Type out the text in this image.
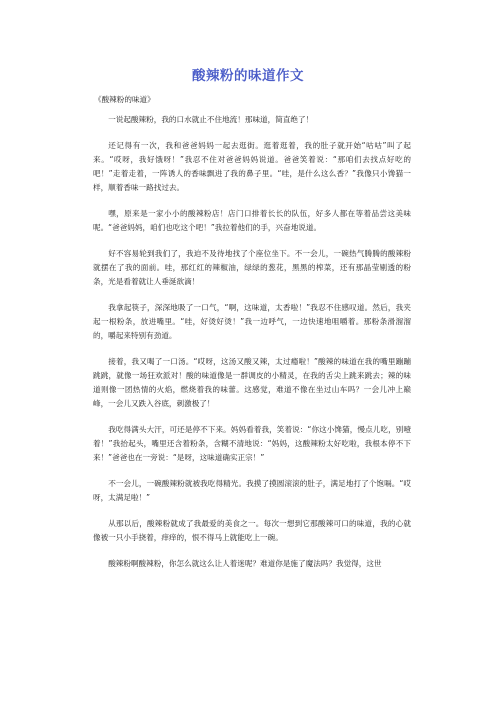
酸辣粉的味道作文
《酸辣粉的味道》

一说起酸辣粉，我的口水就止不住地流！那味道，简直绝了！

还记得有一次，我和爸爸妈妈一起去逛街。逛着逛着，我的肚子就开始“咕咕”叫了起来。“哎呀，我好饿呀！”我忍不住对爸爸妈妈说道。爸爸笑着说：“那咱们去找点好吃的吧！”走着走着，一阵诱人的香味飘进了我的鼻子里。“哇，是什么这么香？”我像只小馋猫一样，顺着香味一路找过去。

嘿，原来是一家小小的酸辣粉店！店门口排着长长的队伍，好多人都在等着品尝这美味呢。“爸爸妈妈，咱们也吃这个吧！”我拉着他们的手，兴奋地说道。

好不容易轮到我们了，我迫不及待地找了个座位坐下。不一会儿，一碗热气腾腾的酸辣粉就摆在了我的面前。哇，那红红的辣椒油，绿绿的葱花，黑黑的榨菜，还有那晶莹剔透的粉条，光是看着就让人垂涎欲滴！

我拿起筷子，深深地吸了一口气，“啊，这味道，太香啦！”我忍不住感叹道。然后，我夹起一根粉条，放进嘴里。“哇，好烫好烫！”我一边呼气，一边快速地咀嚼着。那粉条滑溜溜的，嚼起来特别有劲道。

接着，我又喝了一口汤。“哎呀，这汤又酸又辣，太过瘾啦！”酸辣的味道在我的嘴里蹦蹦跳跳，就像一场狂欢派对！酸的味道像是一群调皮的小精灵，在我的舌尖上跳来跳去；辣的味道则像一团热情的火焰，燃烧着我的味蕾。这感觉，难道不像在坐过山车吗？一会儿冲上巅峰，一会儿又跌入谷底，刺激极了！

我吃得满头大汗，可还是停不下来。妈妈看着我，笑着说：“你这小馋猫，慢点儿吃，别噎着！”我抬起头，嘴里还含着粉条，含糊不清地说：“妈妈，这酸辣粉太好吃啦，我根本停不下来！”爸爸也在一旁说：“是呀，这味道确实正宗！”

不一会儿，一碗酸辣粉就被我吃得精光。我摸了摸圆滚滚的肚子，满足地打了个饱嗝。“哎呀，太满足啦！”

从那以后，酸辣粉就成了我最爱的美食之一。每次一想到它那酸辣可口的味道，我的心就像被一只小手挠着，痒痒的，恨不得马上就能吃上一碗。

酸辣粉啊酸辣粉，你怎么就这么让人着迷呢？难道你是施了魔法吗？我觉得，这世
